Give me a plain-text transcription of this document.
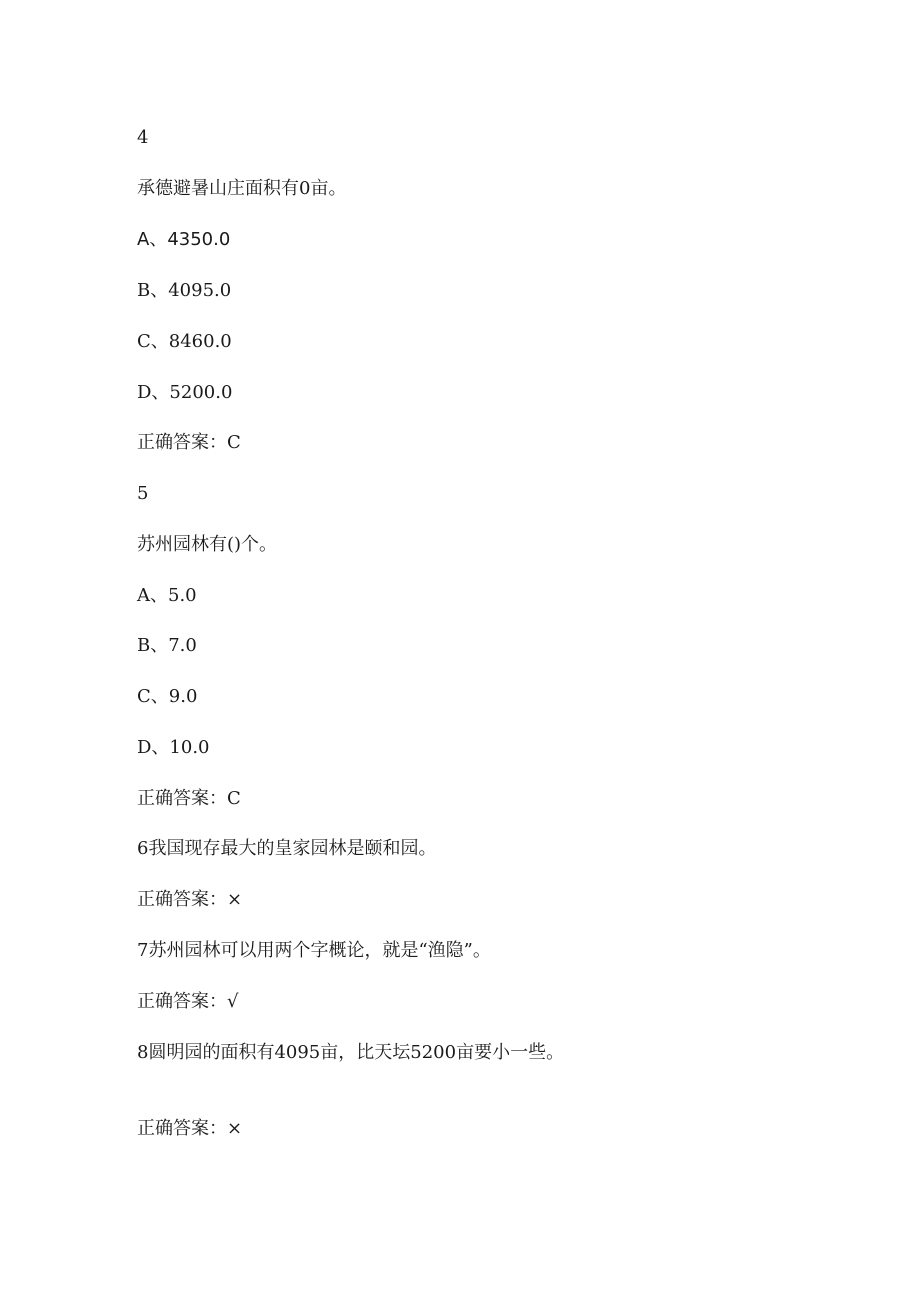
4
承德避暑山庄面积有0亩。
A、4350.0
B、4095.0
C、8460.0
D、5200.0
正确答案：C
5
苏州园林有()个。
A、5.0
B、7.0
C、9.0
D、10.0
正确答案：C
6我国现存最大的皇家园林是颐和园。
正确答案：×
7苏州园林可以用两个字概论，就是“渔隐”。
正确答案：√
8圆明园的面积有4095亩，比天坛5200亩要小一些。
正确答案：×
